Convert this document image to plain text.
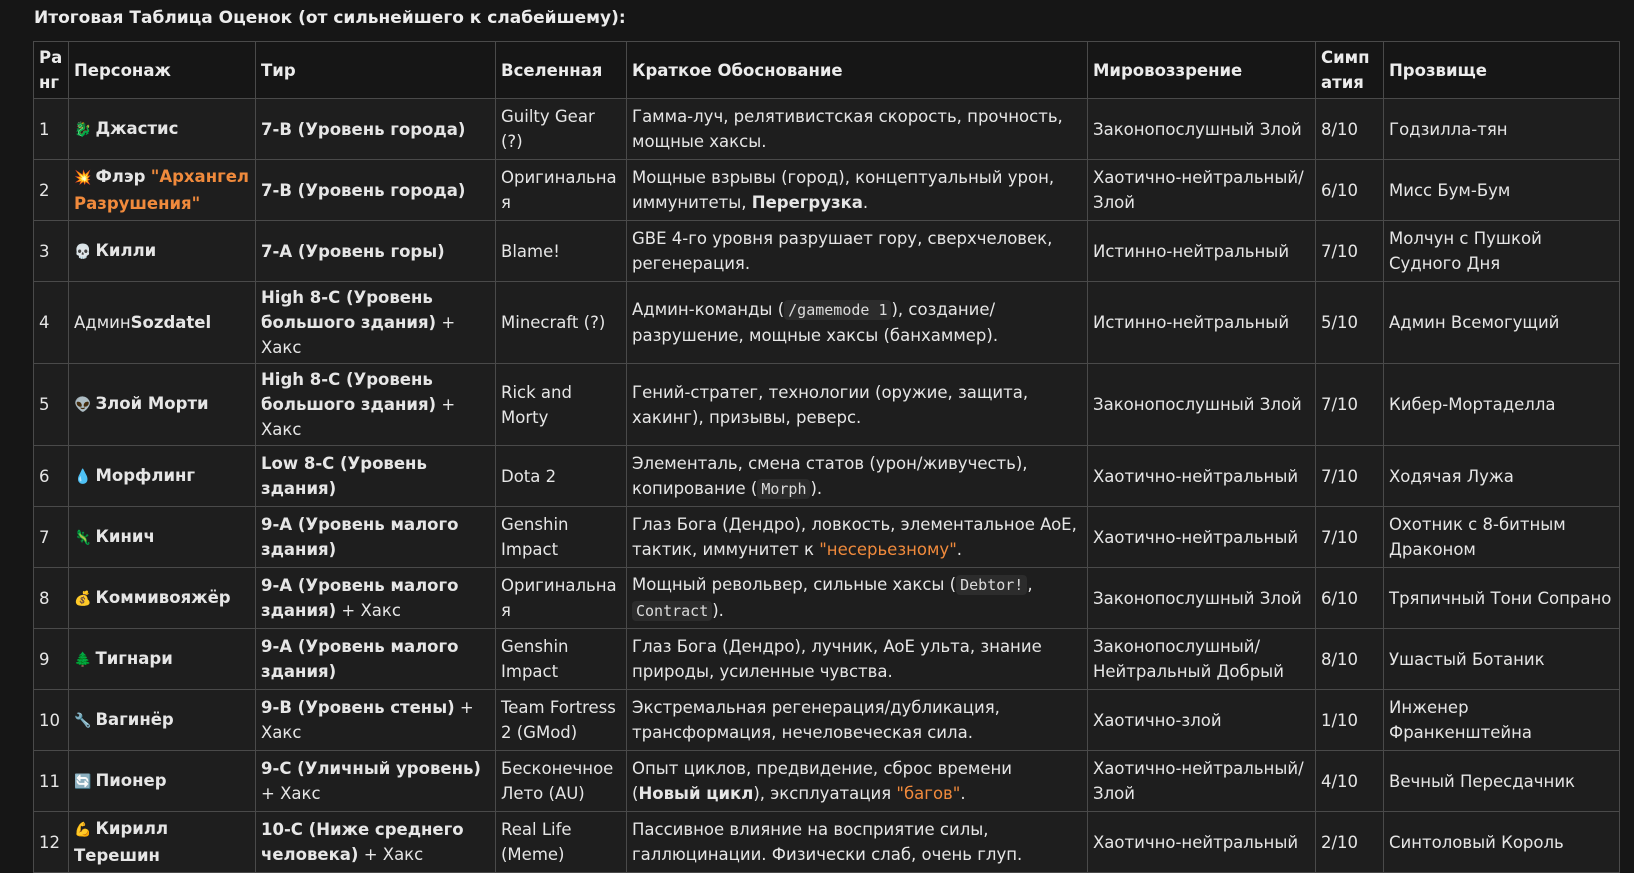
Итоговая Таблица Оценок (от сильнейшего к слабейшему):
Ранг	Персонаж	Тир	Вселенная	Краткое Обоснование	Мировоззрение	Симпатия	Прозвище
1	🐉 Джастис	7-B (Уровень города)	Guilty Gear (?)	Гамма-луч, релятивистская скорость, прочность, мощные хаксы.	Законопослушный Злой	8/10	Годзилла-тян
2	💥 Флэр "Архангел Разрушения"	7-B (Уровень города)	Оригинальная	Мощные взрывы (город), концептуальный урон, иммунитеты, Перегрузка.	Хаотично-нейтральный/ Злой	6/10	Мисс Бум-Бум
3	💀 Килли	7-A (Уровень горы)	Blame!	GBE 4-го уровня разрушает гору, сверхчеловек, регенерация.	Истинно-нейтральный	7/10	Молчун с Пушкой Судного Дня
4	АдминSozdatel	High 8-C (Уровень большого здания) + Хакс	Minecraft (?)	Админ-команды ( /gamemode 1 ), создание/разрушение, мощные хаксы (банхаммер).	Истинно-нейтральный	5/10	Админ Всемогущий
5	👽 Злой Морти	High 8-C (Уровень большого здания) + Хакс	Rick and Morty	Гений-стратег, технологии (оружие, защита, хакинг), призывы, реверс.	Законопослушный Злой	7/10	Кибер-Мортаделла
6	💧 Морфлинг	Low 8-C (Уровень здания)	Dota 2	Элементаль, смена статов (урон/живучесть), копирование ( Morph ).	Хаотично-нейтральный	7/10	Ходячая Лужа
7	🦎 Кинич	9-A (Уровень малого здания)	Genshin Impact	Глаз Бога (Дендро), ловкость, элементальное AoE, тактик, иммунитет к "несерьезному".	Хаотично-нейтральный	7/10	Охотник с 8-битным Драконом
8	💰 Коммивояжёр	9-A (Уровень малого здания) + Хакс	Оригинальная	Мощный револьвер, сильные хаксы ( Debtor! , Contract ).	Законопослушный Злой	6/10	Тряпичный Тони Сопрано
9	🌲 Тигнари	9-A (Уровень малого здания)	Genshin Impact	Глаз Бога (Дендро), лучник, AoE ульта, знание природы, усиленные чувства.	Законопослушный/ Нейтральный Добрый	8/10	Ушастый Ботаник
10	🔧 Вагинёр	9-B (Уровень стены) + Хакс	Team Fortress 2 (GMod)	Экстремальная регенерация/дубликация, трансформация, нечеловеческая сила.	Хаотично-злой	1/10	Инженер Франкенштейна
11	🔄 Пионер	9-C (Уличный уровень) + Хакс	Бесконечное Лето (AU)	Опыт циклов, предвидение, сброс времени (Новый цикл), эксплуатация "багов".	Хаотично-нейтральный/ Злой	4/10	Вечный Пересдачник
12	💪 Кирилл Терешин	10-C (Ниже среднего человека) + Хакс	Real Life (Meme)	Пассивное влияние на восприятие силы, галлюцинации. Физически слаб, очень глуп.	Хаотично-нейтральный	2/10	Синтоловый Король
